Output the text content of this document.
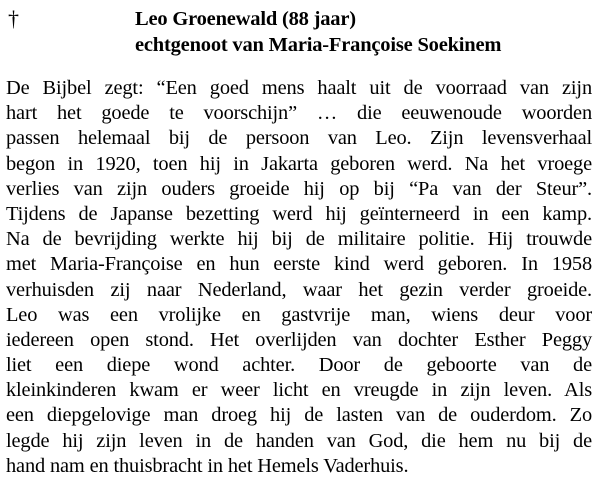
†	Leo Groenewald (88 jaar)
echtgenoot van Maria-Françoise Soekinem
De Bijbel zegt: “Een goed mens haalt uit de voorraad van zijn
hart het goede te voorschijn” … die eeuwenoude woorden
passen helemaal bij de persoon van Leo. Zijn levensverhaal
begon in 1920, toen hij in Jakarta geboren werd. Na het vroege
verlies van zijn ouders groeide hij op bij “Pa van der Steur”.
Tijdens de Japanse bezetting werd hij geïnterneerd in een kamp.
Na de bevrijding werkte hij bij de militaire politie. Hij trouwde
met Maria-Françoise en hun eerste kind werd geboren. In 1958
verhuisden zij naar Nederland, waar het gezin verder groeide.
Leo was een vrolijke en gastvrije man, wiens deur voor
iedereen open stond. Het overlijden van dochter Esther Peggy
liet een diepe wond achter. Door de geboorte van de
kleinkinderen kwam er weer licht en vreugde in zijn leven. Als
een diepgelovige man droeg hij de lasten van de ouderdom. Zo
legde hij zijn leven in de handen van God, die hem nu bij de
hand nam en thuisbracht in het Hemels Vaderhuis.
